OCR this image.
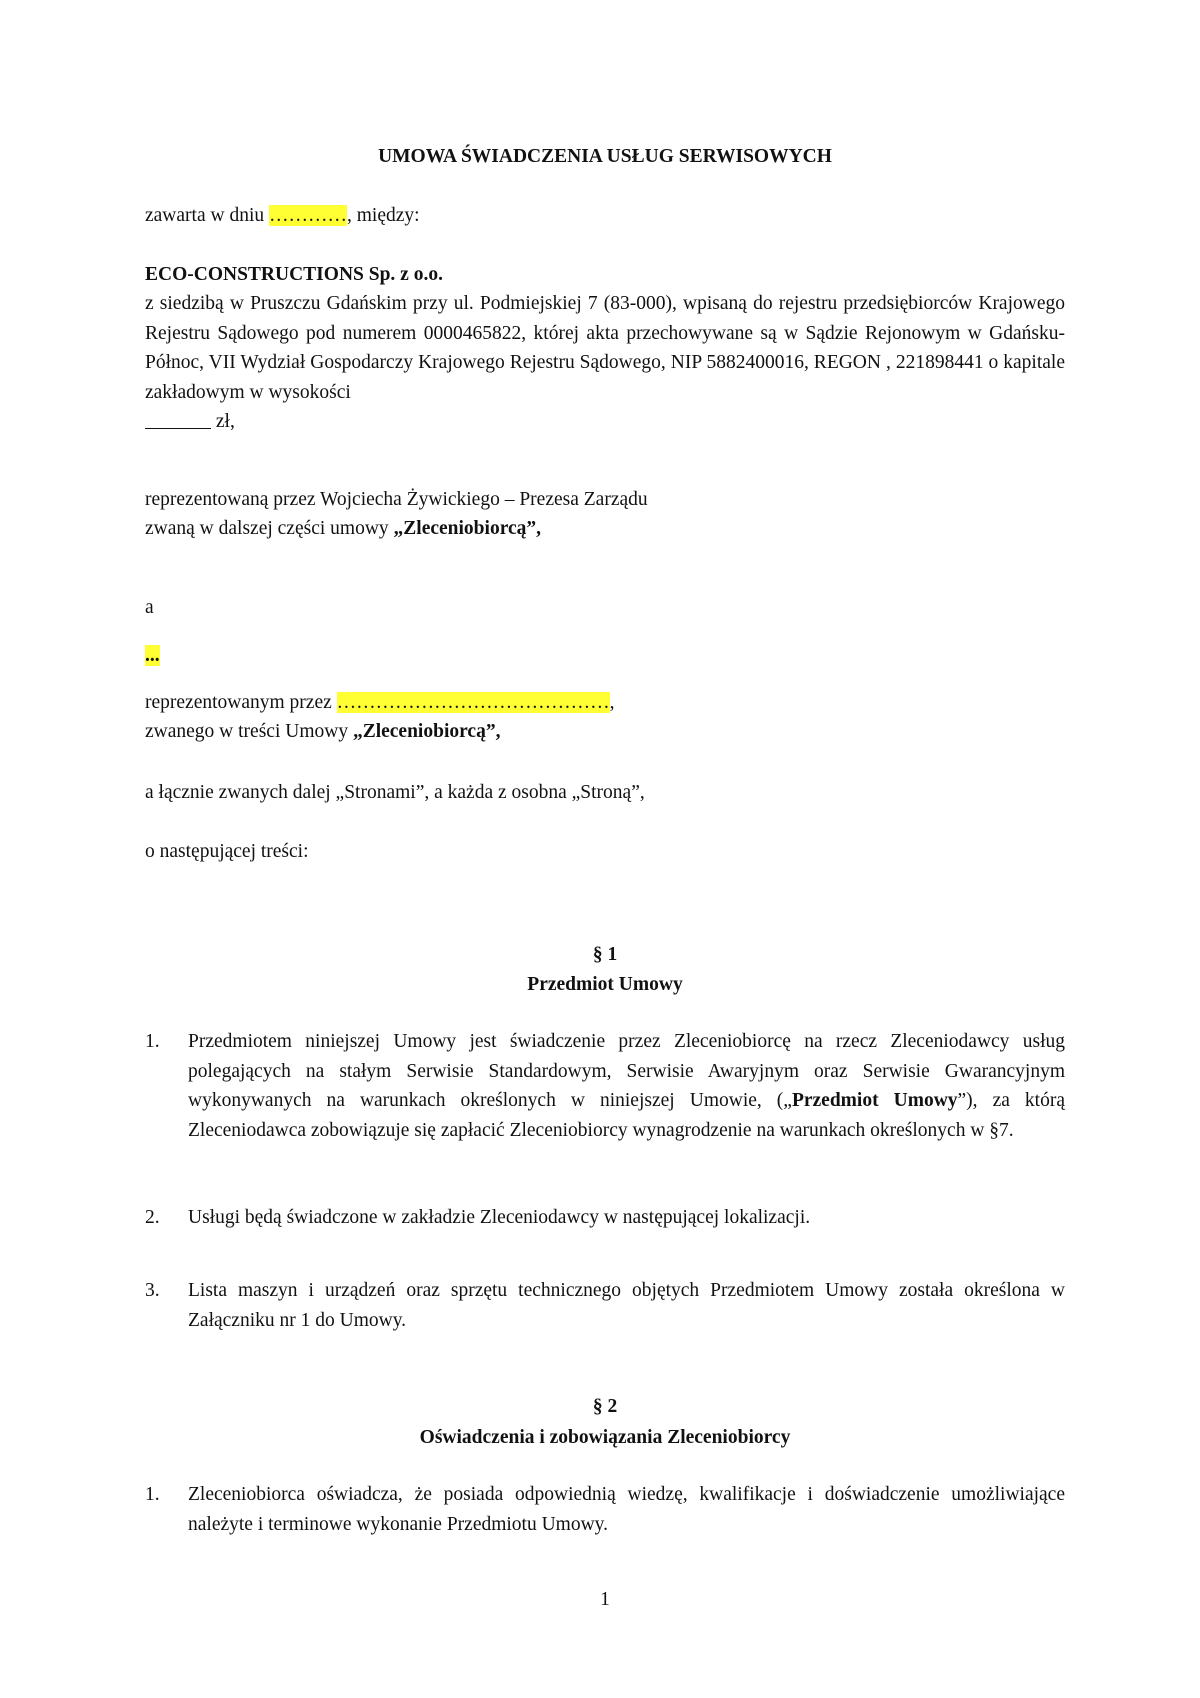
UMOWA ŚWIADCZENIA USŁUG SERWISOWYCH
zawarta w dniu …………, między:
ECO-CONSTRUCTIONS Sp. z o.o.
z siedzibą w Pruszczu Gdańskim przy ul. Podmiejskiej 7 (83-000), wpisaną do rejestru przedsiębiorców Krajowego Rejestru Sądowego pod numerem 0000465822, której akta przechowywane są w Sądzie Rejonowym w Gdańsku-Północ, VII Wydział Gospodarczy Krajowego Rejestru Sądowego, NIP 5882400016, REGON , 221898441 o kapitale zakładowym w wysokości
zł,
reprezentowaną przez Wojciecha Żywickiego – Prezesa Zarządu
zwaną w dalszej części umowy „Zleceniobiorcą”,
a
...
reprezentowanym przez ……………………………………,
zwanego w treści Umowy „Zleceniobiorcą”,
a łącznie zwanych dalej „Stronami”, a każda z osobna „Stroną”,
o następującej treści:
§ 1
Przedmiot Umowy
1.	Przedmiotem niniejszej Umowy jest świadczenie przez Zleceniobiorcę na rzecz Zleceniodawcy usług polegających na stałym Serwisie Standardowym, Serwisie Awaryjnym oraz Serwisie Gwarancyjnym wykonywanych na warunkach określonych w niniejszej Umowie, („Przedmiot Umowy”), za którą Zleceniodawca zobowiązuje się zapłacić Zleceniobiorcy wynagrodzenie na warunkach określonych w §7.
2.	Usługi będą świadczone w zakładzie Zleceniodawcy w następującej lokalizacji.
3.	Lista maszyn i urządzeń oraz sprzętu technicznego objętych Przedmiotem Umowy została określona w Załączniku nr 1 do Umowy.
§ 2
Oświadczenia i zobowiązania Zleceniobiorcy
1.	Zleceniobiorca oświadcza, że posiada odpowiednią wiedzę, kwalifikacje i doświadczenie umożliwiające należyte i terminowe wykonanie Przedmiotu Umowy.
1
